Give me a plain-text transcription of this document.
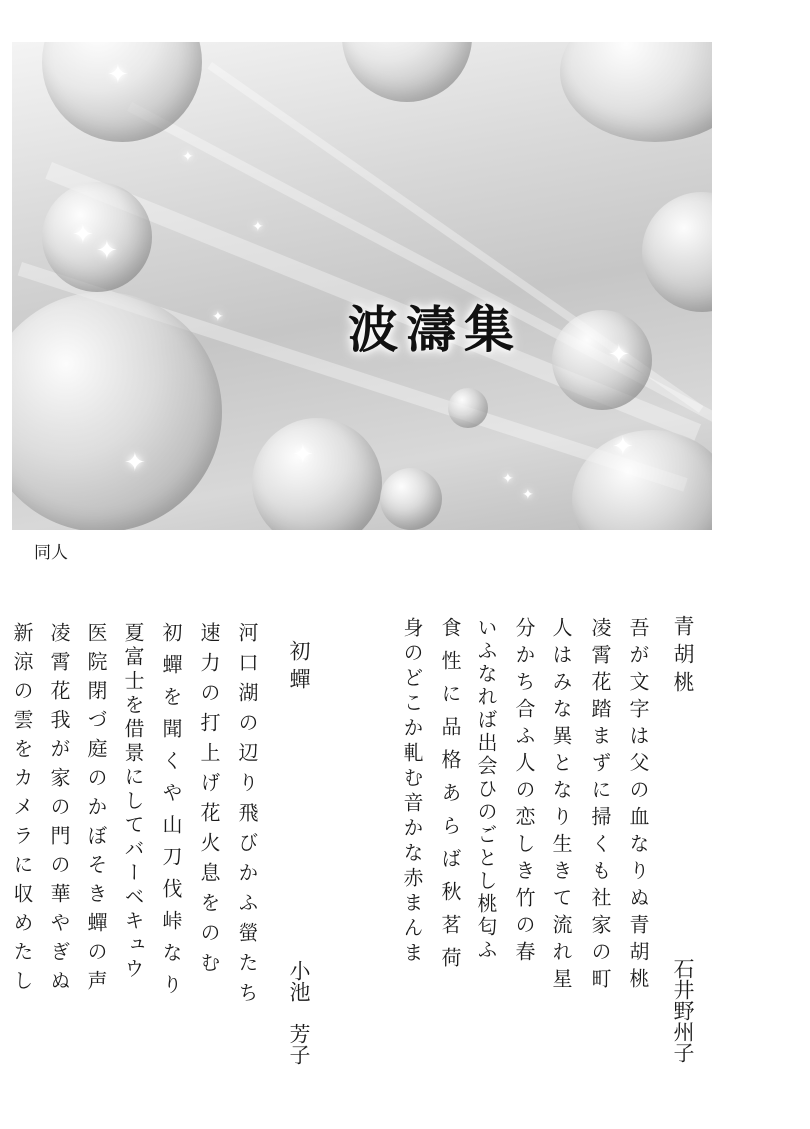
✦
✦
✦
✦	✦	✦
✦
✦
✦
✦
✦
✦
波濤集
同人
青胡桃
石井野州子
吾が文字は父の血なりぬ青胡桃
凌霄花踏まずに掃くも社家の町
人はみな異となり生きて流れ星
分かち合ふ人の恋しき竹の春
いふなれば出会ひのごとし桃匂ふ
食性に品格あらば秋茗荷
身のどこか軋む音かな赤まんま
初蟬
小池　芳子
河口湖の辺り飛びかふ螢たち
速力の打上げ花火息をのむ
初蟬を聞くや山刀伐峠なり
夏富士を借景にしてバーベキュウ
医院閉づ庭のかぼそき蟬の声
凌霄花我が家の門の華やぎぬ
新涼の雲をカメラに収めたし
